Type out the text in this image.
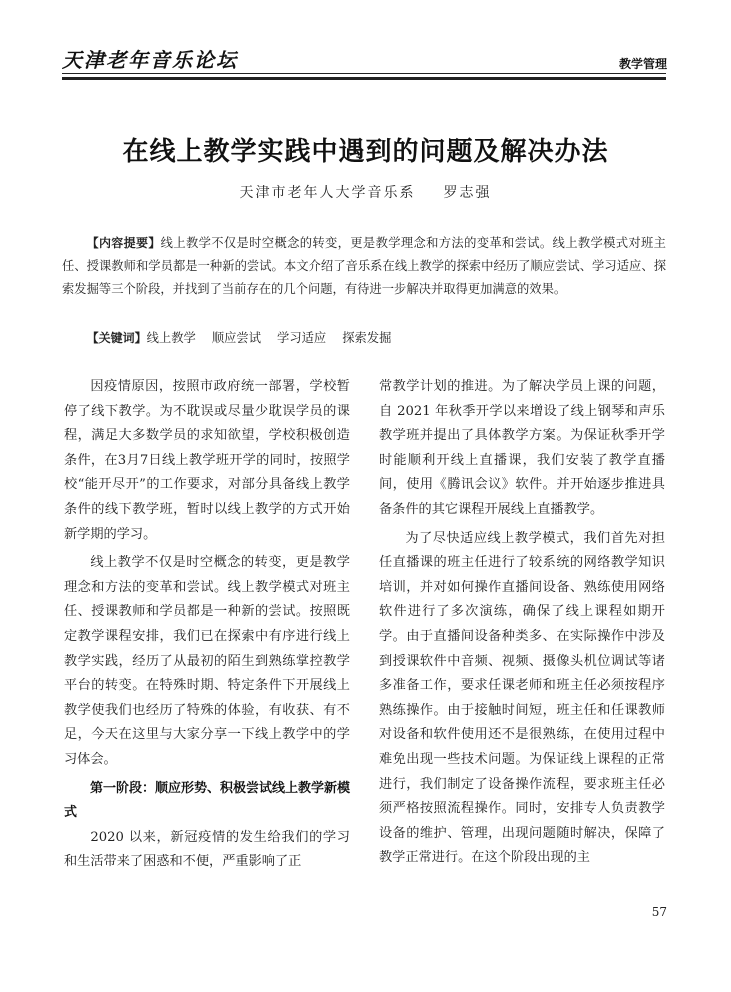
天津老年音乐论坛	教学管理
在线上教学实践中遇到的问题及解决办法
天津市老年人大学音乐系 罗志强
【内容提要】线上教学不仅是时空概念的转变，更是教学理念和方法的变革和尝试。线上教学模式对班主任、授课教师和学员都是一种新的尝试。本文介绍了音乐系在线上教学的探索中经历了顺应尝试、学习适应、探索发掘等三个阶段，并找到了当前存在的几个问题，有待进一步解决并取得更加满意的效果。
【关键词】线上教学 顺应尝试 学习适应 探索发掘

因疫情原因，按照市政府统一部署，学校暂停了线下教学。为不耽误或尽量少耽误学员的课程，满足大多数学员的求知欲望，学校积极创造条件，在3月7日线上教学班开学的同时，按照学校“能开尽开”的工作要求，对部分具备线上教学条件的线下教学班，暂时以线上教学的方式开始新学期的学习。

线上教学不仅是时空概念的转变，更是教学理念和方法的变革和尝试。线上教学模式对班主任、授课教师和学员都是一种新的尝试。按照既定教学课程安排，我们已在探索中有序进行线上教学实践，经历了从最初的陌生到熟练掌控教学平台的转变。在特殊时期、特定条件下开展线上教学使我们也经历了特殊的体验，有收获、有不足，今天在这里与大家分享一下线上教学中的学习体会。

第一阶段：顺应形势、积极尝试线上教学新模式

2020 以来，新冠疫情的发生给我们的学习和生活带来了困惑和不便，严重影响了正

常教学计划的推进。为了解决学员上课的问题，自 2021 年秋季开学以来增设了线上钢琴和声乐教学班并提出了具体教学方案。为保证秋季开学时能顺利开线上直播课，我们安装了教学直播间，使用《腾讯会议》软件。并开始逐步推进具备条件的其它课程开展线上直播教学。

为了尽快适应线上教学模式，我们首先对担任直播课的班主任进行了较系统的网络教学知识培训，并对如何操作直播间设备、熟练使用网络软件进行了多次演练，确保了线上课程如期开学。由于直播间设备种类多、在实际操作中涉及到授课软件中音频、视频、摄像头机位调试等诸多准备工作，要求任课老师和班主任必须按程序熟练操作。由于接触时间短，班主任和任课教师对设备和软件使用还不是很熟练，在使用过程中难免出现一些技术问题。为保证线上课程的正常进行，我们制定了设备操作流程，要求班主任必须严格按照流程操作。同时，安排专人负责教学设备的维护、管理，出现问题随时解决，保障了教学正常进行。在这个阶段出现的主

57
